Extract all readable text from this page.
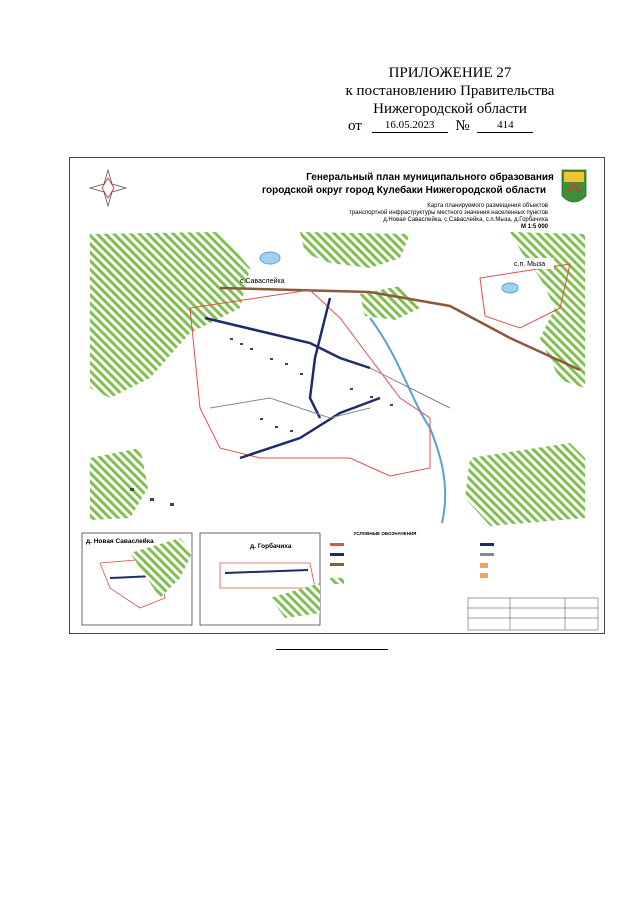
ПРИЛОЖЕНИЕ 27
к постановлению Правительства
Нижегородской области
от 16.05.2023 №	414
Генеральный план муниципального образования
городской округ город Кулебаки Нижегородской области
Карта планируемого размещения объектов
транспортной инфраструктуры местного значения населенных пунктов
д.Новая Саваслейка, с.Саваслейка, с.п.Мыза, д.Горбачиха
М 1:5 000
с.Саваслейка
с.п. Мыза
д. Новая Саваслейка
д. Горбачиха
УСЛОВНЫЕ ОБОЗНАЧЕНИЯ
